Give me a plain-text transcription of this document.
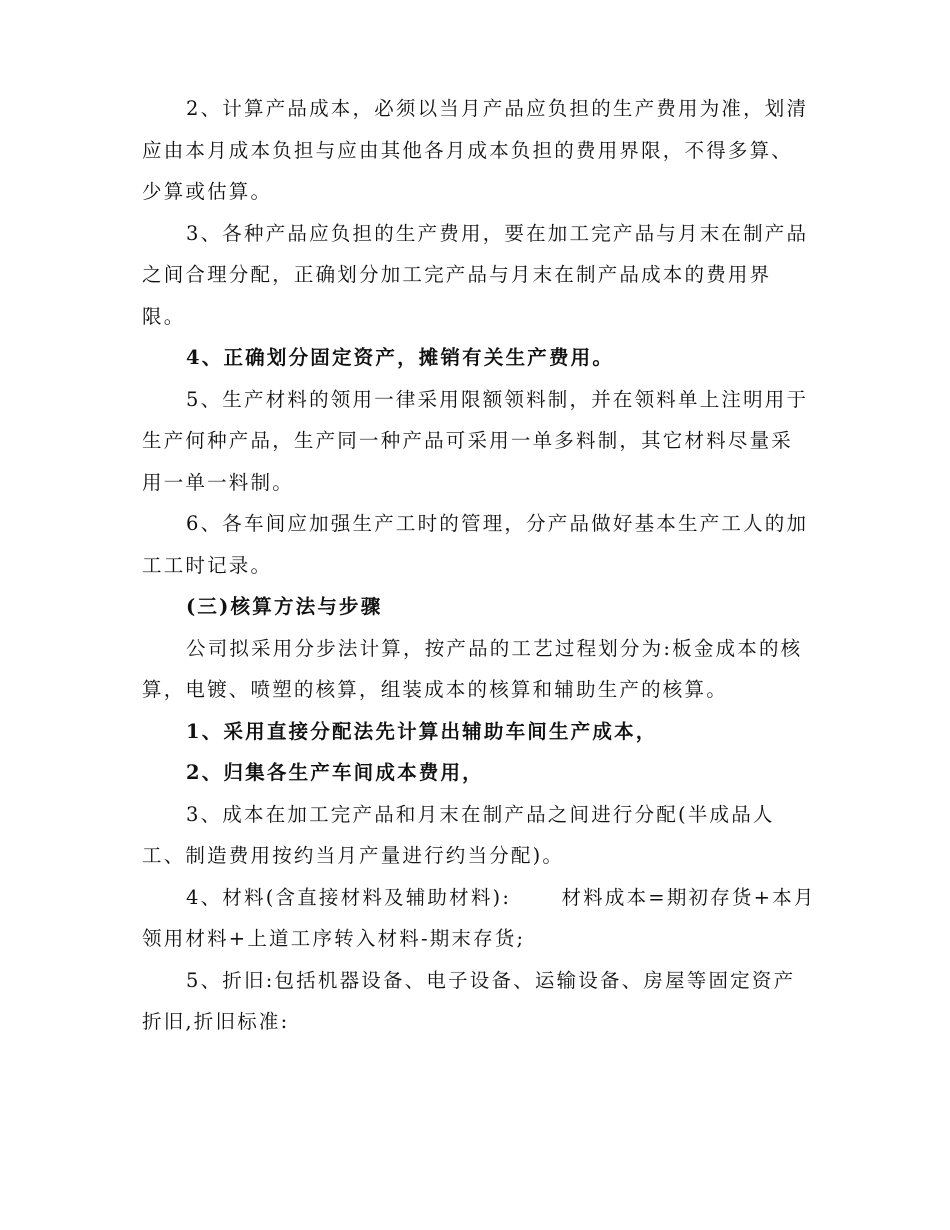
2、计算产品成本，必须以当月产品应负担的生产费用为准，划清
应由本月成本负担与应由其他各月成本负担的费用界限，不得多算、
少算或估算。

3、各种产品应负担的生产费用，要在加工完产品与月末在制产品
之间合理分配，正确划分加工完产品与月末在制产品成本的费用界
限。

4、正确划分固定资产，摊销有关生产费用。

5、生产材料的领用一律采用限额领料制，并在领料单上注明用于
生产何种产品，生产同一种产品可采用一单多料制，其它材料尽量采
用一单一料制。

6、各车间应加强生产工时的管理，分产品做好基本生产工人的加
工工时记录。

(三)核算方法与步骤

公司拟采用分步法计算，按产品的工艺过程划分为:板金成本的核
算，电镀、喷塑的核算，组装成本的核算和辅助生产的核算。

1、采用直接分配法先计算出辅助车间生产成本，

2、归集各生产车间成本费用，

3、成本在加工完产品和月末在制产品之间进行分配(半成品人
工、制造费用按约当月产量进行约当分配)。

4、材料(含直接材料及辅助材料):      材料成本=期初存货+本月
领用材料+上道工序转入材料-期末存货;

5、折旧:包括机器设备、电子设备、运输设备、房屋等固定资产
折旧,折旧标准:
